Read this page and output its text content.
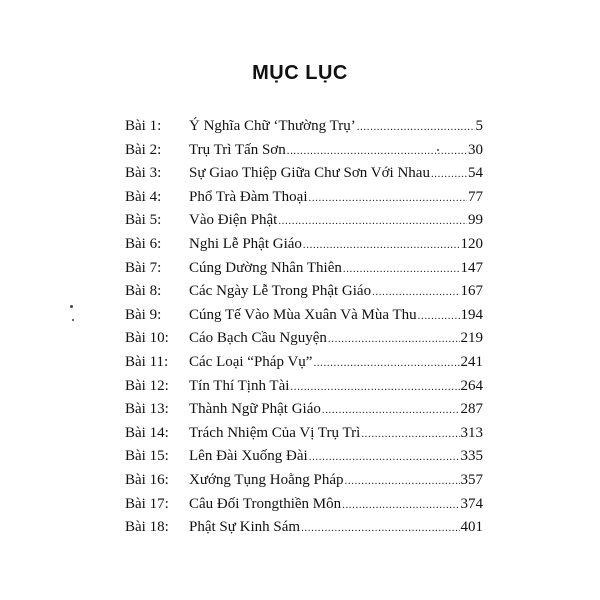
MỤC LỤC
Bài 1:	Ý Nghĩa Chữ ‘Thường Trụ’ .....	5
Bài 2:	Trụ Trì Tấn Sơn .....	30
Bài 3:	Sự Giao Thiệp Giữa Chư Sơn Với Nhau .....	54
Bài 4:	Phổ Trà Đàm Thoại .....	77
Bài 5:	Vào Điện Phật .....	99
Bài 6:	Nghi Lễ Phật Giáo .....	120
Bài 7:	Cúng Dường Nhân Thiên .....	147
Bài 8:	Các Ngày Lễ Trong Phật Giáo .....	167
Bài 9:	Cúng Tế Vào Mùa Xuân Và Mùa Thu .....	194
Bài 10:	Cáo Bạch Cầu Nguyện .....	219
Bài 11:	Các Loại “Pháp Vụ” .....	241
Bài 12:	Tín Thí Tịnh Tài .....	264
Bài 13:	Thành Ngữ Phật Giáo .....	287
Bài 14:	Trách Nhiệm Của Vị Trụ Trì .....	313
Bài 15:	Lên Đài Xuống Đài .....	335
Bài 16:	Xướng Tụng Hoằng Pháp .....	357
Bài 17:	Câu Đối Trongthiền Môn .....	374
Bài 18:	Phật Sự Kinh Sám .....	401
